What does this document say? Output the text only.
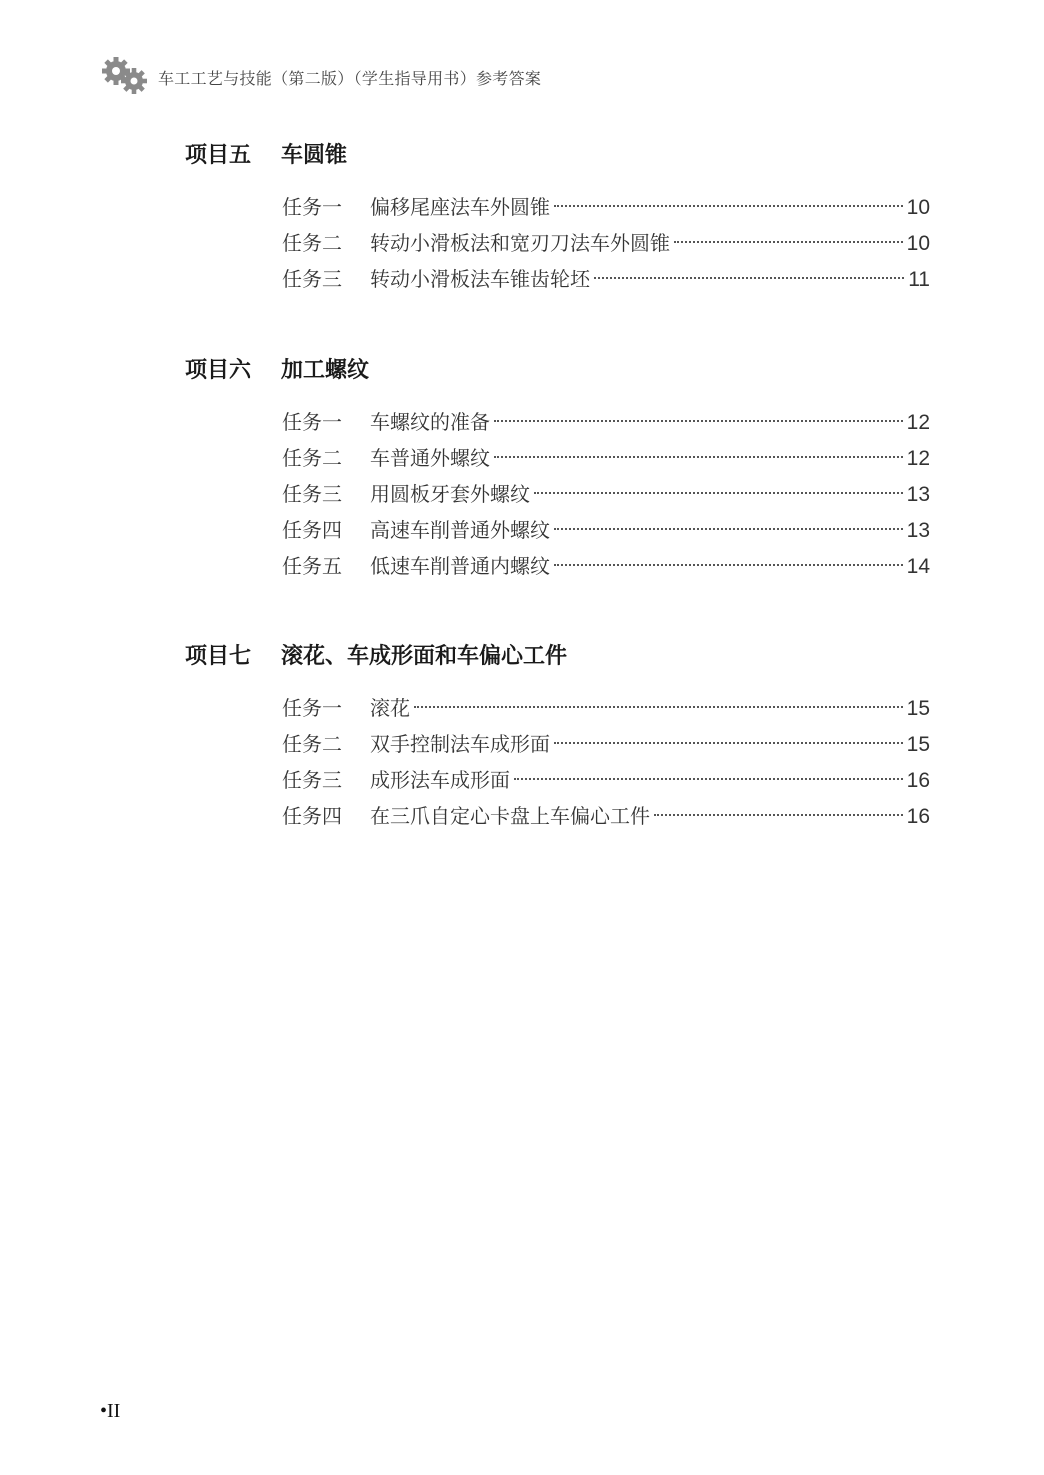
车工工艺与技能（第二版）（学生指导用书）参考答案
项目五	车圆锥
任务一	偏移尾座法车外圆锥	10
任务二	转动小滑板法和宽刃刀法车外圆锥	10
任务三	转动小滑板法车锥齿轮坯	11
项目六	加工螺纹
任务一	车螺纹的准备	12
任务二	车普通外螺纹	12
任务三	用圆板牙套外螺纹	13
任务四	高速车削普通外螺纹	13
任务五	低速车削普通内螺纹	14
项目七	滚花、车成形面和车偏心工件
任务一	滚花	15
任务二	双手控制法车成形面	15
任务三	成形法车成形面	16
任务四	在三爪自定心卡盘上车偏心工件	16
•II
